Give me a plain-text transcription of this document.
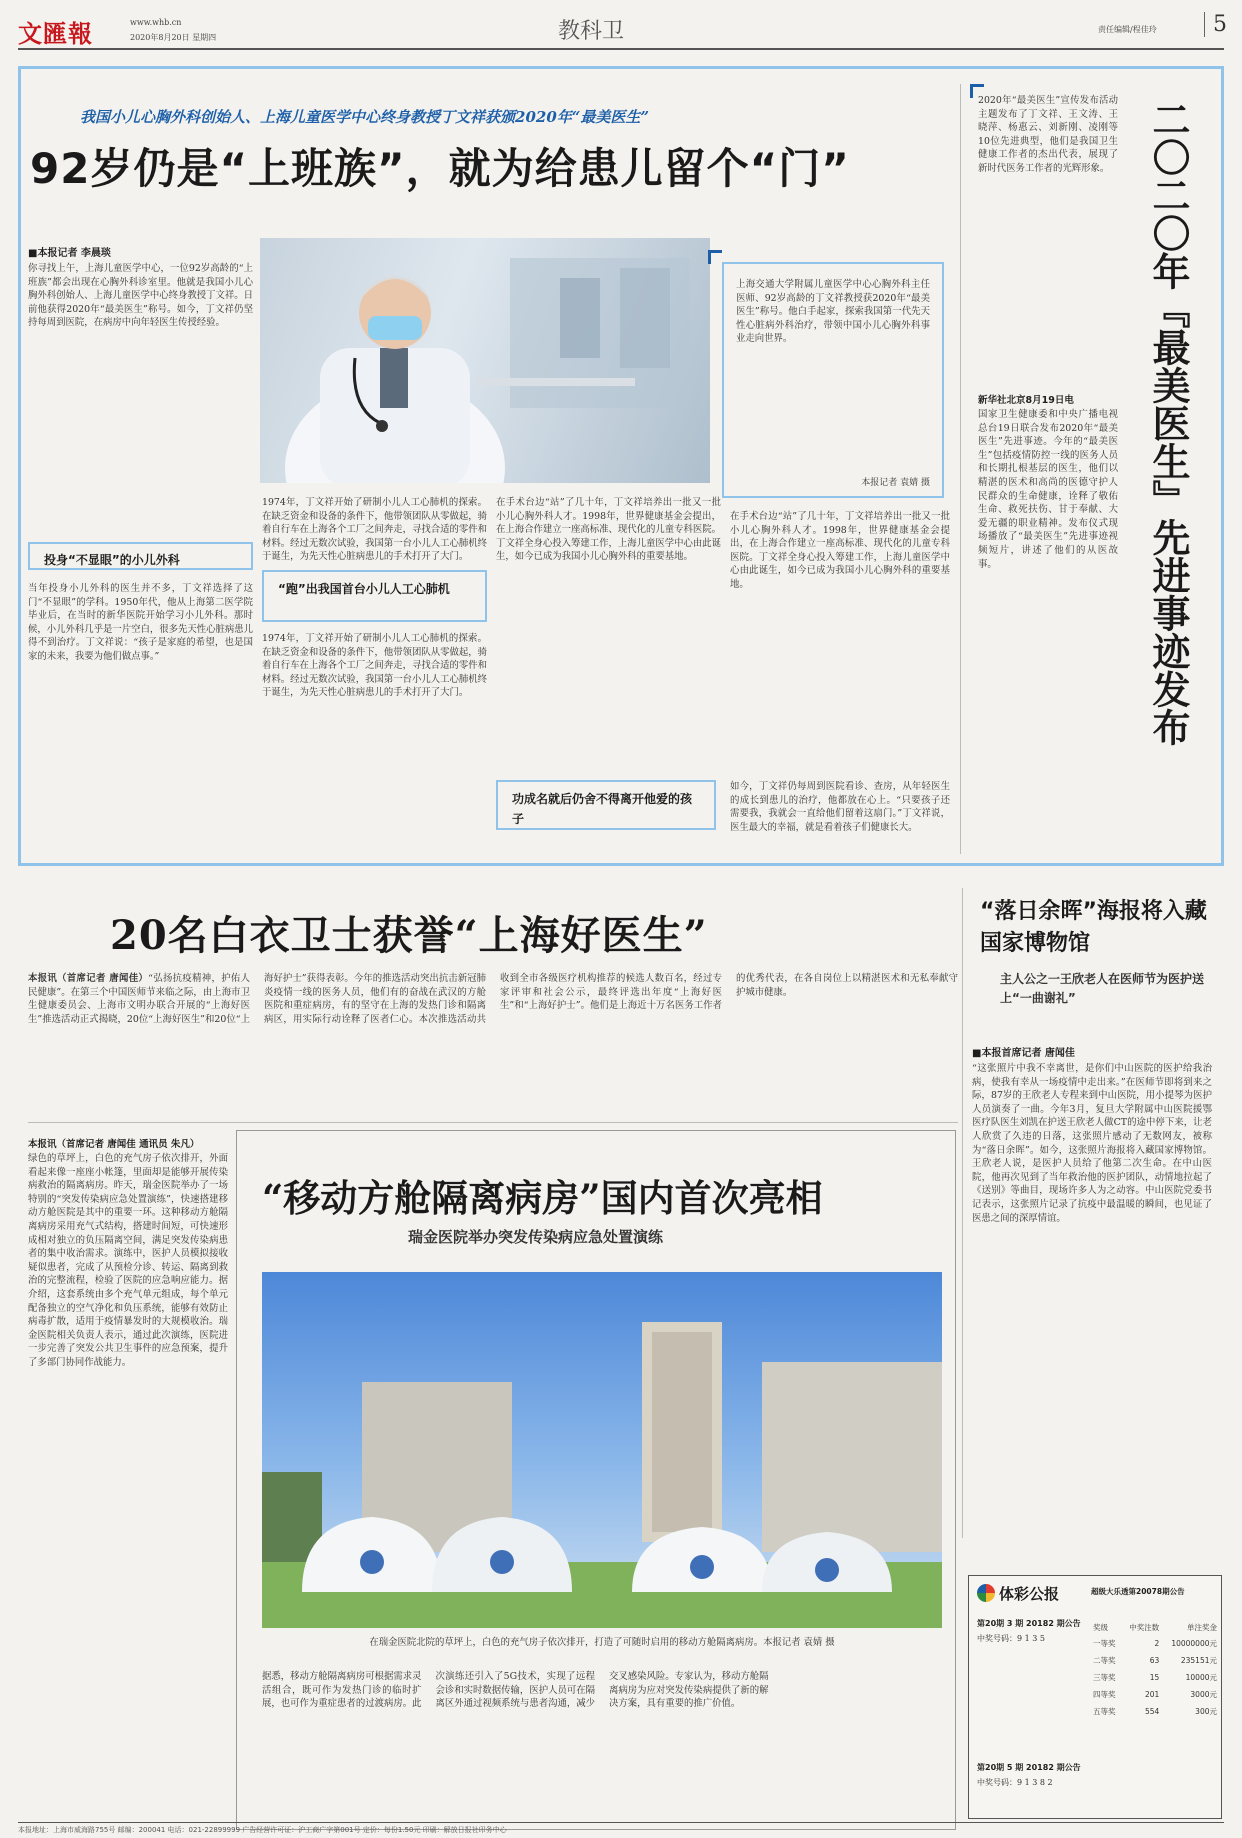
文匯報	www.whb.cn
2020年8月20日 星期四	教科卫	责任编辑/程佳玲	5
我国小儿心胸外科创始人、上海儿童医学中心终身教授丁文祥获颁2020年“最美医生”
92岁仍是“上班族”，就为给患儿留个“门”
■本报记者 李晨琰
你寻找上午，上海儿童医学中心，一位92岁高龄的“上班族”都会出现在心胸外科诊室里。他就是我国小儿心胸外科创始人、上海儿童医学中心终身教授丁文祥。日前他获得2020年“最美医生”称号。如今，丁文祥仍坚持每周到医院，在病房中向年轻医生传授经验。
上海交通大学附属儿童医学中心心胸外科主任医师、92岁高龄的丁文祥教授获2020年“最美医生”称号。他白手起家，探索我国第一代先天性心脏病外科治疗，带领中国小儿心胸外科事业走向世界。
本报记者 袁婧 摄
投身“不显眼”的小儿外科
当年投身小儿外科的医生并不多，丁文祥选择了这门“不显眼”的学科。1950年代，他从上海第二医学院毕业后，在当时的新华医院开始学习小儿外科。那时候，小儿外科几乎是一片空白，很多先天性心脏病患儿得不到治疗。丁文祥说：“孩子是家庭的希望，也是国家的未来，我要为他们做点事。”
1974年，丁文祥开始了研制小儿人工心肺机的探索。在缺乏资金和设备的条件下，他带领团队从零做起，骑着自行车在上海各个工厂之间奔走，寻找合适的零件和材料。经过无数次试验，我国第一台小儿人工心肺机终于诞生，为先天性心脏病患儿的手术打开了大门。
“跑”出我国首台小儿人工心肺机
1974年，丁文祥开始了研制小儿人工心肺机的探索。在缺乏资金和设备的条件下，他带领团队从零做起，骑着自行车在上海各个工厂之间奔走，寻找合适的零件和材料。经过无数次试验，我国第一台小儿人工心肺机终于诞生，为先天性心脏病患儿的手术打开了大门。
在手术台边“站”了几十年，丁文祥培养出一批又一批小儿心胸外科人才。1998年，世界健康基金会提出，在上海合作建立一座高标准、现代化的儿童专科医院。丁文祥全身心投入筹建工作，上海儿童医学中心由此诞生，如今已成为我国小儿心胸外科的重要基地。
在手术台边“站”了几十年，丁文祥培养出一批又一批小儿心胸外科人才。1998年，世界健康基金会提出，在上海合作建立一座高标准、现代化的儿童专科医院。丁文祥全身心投入筹建工作，上海儿童医学中心由此诞生，如今已成为我国小儿心胸外科的重要基地。
功成名就后仍舍不得离开他爱的孩子
如今，丁文祥仍每周到医院看诊、查房，从年轻医生的成长到患儿的治疗，他都放在心上。“只要孩子还需要我，我就会一直给他们留着这扇门。”丁文祥说，医生最大的幸福，就是看着孩子们健康长大。
2020年“最美医生”宣传发布活动主题发布了丁文祥、王文涛、王晓萍、杨惠云、刘新刚、凌刚等10位先进典型，他们是我国卫生健康工作者的杰出代表，展现了新时代医务工作者的光辉形象。 二〇二〇年『最美医生』先进事迹发布
新华社北京8月19日电
国家卫生健康委和中央广播电视总台19日联合发布2020年“最美医生”先进事迹。今年的“最美医生”包括疫情防控一线的医务人员和长期扎根基层的医生，他们以精湛的医术和高尚的医德守护人民群众的生命健康，诠释了敬佑生命、救死扶伤、甘于奉献、大爱无疆的职业精神。发布仪式现场播放了“最美医生”先进事迹视频短片，讲述了他们的从医故事。
20名白衣卫士获誉“上海好医生”
本报讯（首席记者 唐闻佳）“弘扬抗疫精神，护佑人民健康”。在第三个中国医师节来临之际，由上海市卫生健康委员会、上海市文明办联合开展的“上海好医生”推选活动正式揭晓，20位“上海好医生”和20位“上海好护士”获得表彰。今年的推选活动突出抗击新冠肺炎疫情一线的医务人员，他们有的奋战在武汉的方舱医院和重症病房，有的坚守在上海的发热门诊和隔离病区，用实际行动诠释了医者仁心。本次推选活动共收到全市各级医疗机构推荐的候选人数百名，经过专家评审和社会公示，最终评选出年度“上海好医生”和“上海好护士”。他们是上海近十万名医务工作者的优秀代表，在各自岗位上以精湛医术和无私奉献守护城市健康。
“落日余晖”海报将入藏国家博物馆
主人公之一王欣老人在医师节为医护送上“一曲谢礼”
■本报首席记者 唐闻佳
“这张照片中我不幸离世，是你们中山医院的医护给我治病，使我有幸从一场疫情中走出来。”在医师节即将到来之际，87岁的王欣老人专程来到中山医院，用小提琴为医护人员演奏了一曲。今年3月，复旦大学附属中山医院援鄂医疗队医生刘凯在护送王欣老人做CT的途中停下来，让老人欣赏了久违的日落，这张照片感动了无数网友，被称为“落日余晖”。如今，这张照片海报将入藏国家博物馆。王欣老人说，是医护人员给了他第二次生命。在中山医院，他再次见到了当年救治他的医护团队，动情地拉起了《送别》等曲目，现场许多人为之动容。中山医院党委书记表示，这张照片记录了抗疫中最温暖的瞬间，也见证了医患之间的深厚情谊。
本报讯（首席记者 唐闻佳 通讯员 朱凡）
绿色的草坪上，白色的充气房子依次排开，外面看起来像一座座小帐篷，里面却是能够开展传染病救治的隔离病房。昨天，瑞金医院举办了一场特别的“突发传染病应急处置演练”，快速搭建移动方舱医院是其中的重要一环。这种移动方舱隔离病房采用充气式结构，搭建时间短，可快速形成相对独立的负压隔离空间，满足突发传染病患者的集中收治需求。演练中，医护人员模拟接收疑似患者，完成了从预检分诊、转运、隔离到救治的完整流程，检验了医院的应急响应能力。据介绍，这套系统由多个充气单元组成，每个单元配备独立的空气净化和负压系统，能够有效防止病毒扩散，适用于疫情暴发时的大规模收治。瑞金医院相关负责人表示，通过此次演练，医院进一步完善了突发公共卫生事件的应急预案，提升了多部门协同作战能力。
“移动方舱隔离病房”国内首次亮相
瑞金医院举办突发传染病应急处置演练
在瑞金医院北院的草坪上，白色的充气房子依次排开，打造了可随时启用的移动方舱隔离病房。本报记者 袁婧 摄
据悉，移动方舱隔离病房可根据需求灵活组合，既可作为发热门诊的临时扩展，也可作为重症患者的过渡病房。此次演练还引入了5G技术，实现了远程会诊和实时数据传输，医护人员可在隔离区外通过视频系统与患者沟通，减少交叉感染风险。专家认为，移动方舱隔离病房为应对突发传染病提供了新的解决方案，具有重要的推广价值。
体彩公报	超级大乐透第20078期公告
第20期 3 期 20182 期公告
中奖号码：9 1 3 5
第20期 5 期 20182 期公告
中奖号码：9 1 3 8 2
奖级	中奖注数	单注奖金
一等奖	2	10000000元
二等奖	63	235151元
三等奖	15	10000元
四等奖	201	3000元
五等奖	554	300元
本报地址：上海市威海路755号 邮编：200041 电话：021-22899999 广告经营许可证：沪工商广字第001号 定价：每份1.50元 印刷：解放日报社印务中心
